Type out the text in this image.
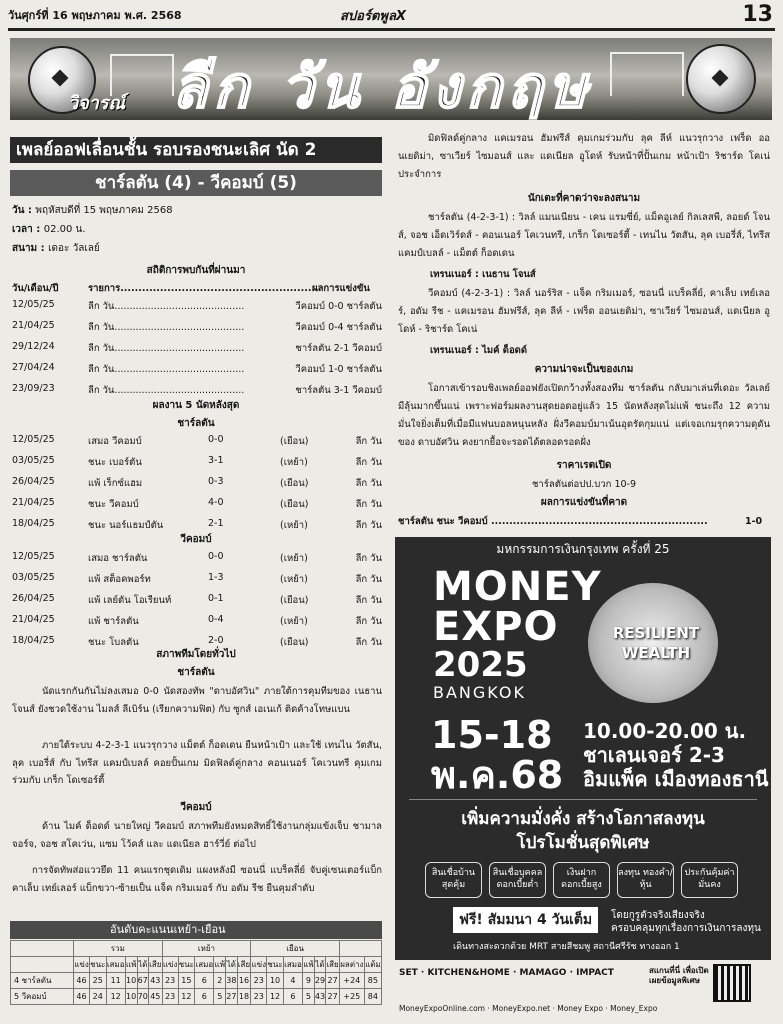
วันศุกร์ที่ 16 พฤษภาคม พ.ศ. 2568	สปอร์ตพูลX	13
วิจารณ์ ลีก วัน อังกฤษ
เพลย์ออฟเลื่อนชั้น รอบรองชนะเลิศ นัด 2
ชาร์ลตัน (4) - วีคอมบ์ (5)
วัน : พฤหัสบดีที่ 15 พฤษภาคม 2568
เวลา : 02.00 น.
สนาม : เดอะ วัลเลย์
สถิติการพบกันที่ผ่านมา
วัน/เดือน/ปี	รายการ.......................................................
ผลการแข่งขัน
12/05/25	ลีก วัน...........................................	วีคอมบ์ 0-0 ชาร์ลตัน
21/04/25	ลีก วัน...........................................	วีคอมบ์ 0-4 ชาร์ลตัน
29/12/24	ลีก วัน...........................................	ชาร์ลตัน 2-1 วีคอมบ์
27/04/24	ลีก วัน...........................................	วีคอมบ์ 1-0 ชาร์ลตัน
23/09/23	ลีก วัน...........................................	ชาร์ลตัน 3-1 วีคอมบ์
ผลงาน 5 นัดหลังสุด
ชาร์ลตัน
12/05/25	เสมอ วีคอมบ์	0-0	(เยือน)	ลีก วัน
03/05/25	ชนะ เบอร์ตัน	3-1	(เหย้า)	ลีก วัน
26/04/25	แพ้ เร็กซ์แฮม	0-3	(เยือน)	ลีก วัน
21/04/25	ชนะ วีคอมบ์	4-0	(เยือน)	ลีก วัน
18/04/25	ชนะ นอร์แธมป์ตัน	2-1	(เหย้า)	ลีก วัน
วีคอมบ์
12/05/25	เสมอ ชาร์ลตัน	0-0	(เหย้า)	ลีก วัน
03/05/25	แพ้ สต็อคพอร์ท	1-3	(เหย้า)	ลีก วัน
26/04/25	แพ้ เลย์ตัน โอเรียนท์	0-1	(เยือน)	ลีก วัน
21/04/25	แพ้ ชาร์ลตัน	0-4	(เหย้า)	ลีก วัน
18/04/25	ชนะ โบลตัน	2-0	(เยือน)	ลีก วัน
สภาพทีมโดยทั่วไป
ชาร์ลตัน
นัดแรกกันกันไม่ลงเสมอ 0-0 นัดสองทัพ "ดาบอัศวิน" ภายใต้การคุมทีมของ เนธาน โจนส์ ยังชวดใช้งาน ไมลส์ ลีเบิร์น (เรียกความฟิต) กับ ซูกส์ เอเนเก้ ติดค้างโทษแบน
ภายใต้ระบบ 4-2-3-1 แนวรุกวาง แม็ตต์ ก็อดเดน ยืนหน้าเป้า และใช้ เทนไน วัตสัน, ลุค เบอรี่ส์ กับ ไทรีส แคมป์เบลล์ คอยปั้นเกม มิดฟิลด์คู่กลาง คอนเนอร์ โคเวนทรี คุมเกมร่วมกับ เกร็ก โดเซอร์ตี้
วีคอมบ์
ด้าน ไมค์ ด็อดด์ นายใหญ่ วีคอมบ์ สภาพทีมยังหมดสิทธิ์ใช้งานกลุ่มแข้งเจ็บ ชามาล จอร์จ, จอช สโคเว่น, แซม โว้คส์ และ แดเนียล ฮาร์วี่ย์ ต่อไป
การจัดทัพส่อแววยึด 11 คนแรกชุดเดิม แผงหลังมี ซอนนี่ แบร็คลี่ย์ จับคู่เซนเตอร์แบ็ก คาเล็บ เทย์เลอร์ แบ็กขวา-ซ้ายเป็น แจ็ค กริมเมอร์ กับ อดัม รีช ยืนคุมลำดับ
อันดับคะแนนเหย้า-เยือน
	รวม						เหย้า						เยือน							
	แข่ง	ชนะ	เสมอ	แพ้	ได้	เสีย	แข่ง	ชนะ	เสมอ	แพ้	ได้	เสีย	แข่ง	ชนะ	เสมอ	แพ้	ได้	เสีย	ผลต่าง	แต้ม
4 ชาร์ลตัน	46	25	11	10	67	43	23	15	6	2	38	16	23	10	4	9	29	27	+24	85
5 วีคอมบ์	46	24	12	10	70	45	23	12	6	5	27	18	23	12	6	5	43	27	+25	84
มิดฟิลด์คู่กลาง แคเมรอน ฮัมฟรีส์ คุมเกมร่วมกับ ลุค ลีห์ แนวรุกวาง เฟร็ด ออนเยดิม่า, ซาเวียร์ ไซมอนส์ และ แดเนียล อูโดห์ รับหน้าที่ปั้นเกม หน้าเป้า ริชาร์ด โคเน่ ประจำการ
นักเตะที่คาดว่าจะลงสนาม
ชาร์ลตัน (4-2-3-1) : วิลล์ แมนเนียน - เคน แรมซี่ย์, แม็คอูเลย์ กิลเลสพี, ลอยด์ โจนส์, จอช เอ็ดเวิร์ดส์ - คอนเนอร์ โคเวนทรี, เกร็ก โดเซอร์ตี้ - เทนไน วัตสัน, ลุค เบอรี่ส์, ไทรีส แคมป์เบลล์ - แม็ตต์ ก็อดเดน
เทรนเนอร์ : เนธาน โจนส์
วีคอมบ์ (4-2-3-1) : วิลล์ นอร์ริส - แจ็ค กริมเมอร์, ซอนนี่ แบร็คลี่ย์, คาเล็บ เทย์เลอร์, อดัม รีช - แคเมรอน ฮัมฟรีส์, ลุค ลีห์ - เฟร็ด ออนเยดิม่า, ซาเวียร์ ไซมอนส์, แดเนียล อูโดห์ - ริชาร์ด โคเน่
เทรนเนอร์ : ไมค์ ด็อดด์
ความน่าจะเป็นของเกม
โอกาสเข้ารอบชิงเพลย์ออฟยังเปิดกว้างทั้งสองทีม ชาร์ลตัน กลับมาเล่นที่เดอะ วัลเลย์ มีลุ้นมากขึ้นแน่ เพราะฟอร์มผลงานสุดยอดอยู่แล้ว 15 นัดหลังสุดไม่แพ้ ชนะถึง 12 ความมั่นใจยิ่งเต็มที่เมื่อมีแฟนบอลหนุนหลัง ฝั่งวีคอมบ์มาเน้นอุดรัดกุมแน่ แต่เจอเกมรุกความดุดันของ ดาบอัศวิน คงยากยื้อจะรอดได้ตลอดรอดฝั่ง
ราคาเรตเปิด
ชาร์ลตันต่อปป.บวก 10-9
ผลการแข่งขันที่คาด
ชาร์ลตัน ชนะ วีคอมบ์ ............................................................	1-0
มหกรรมการเงินกรุงเทพ ครั้งที่ 25
MONEY
EXPO
2025
BANGKOK
RESILIENT
WEALTH
15-18
พ.ค.68
10.00-20.00 น.
ชาเลนเจอร์ 2-3
อิมแพ็ค เมืองทองธานี
เพิ่มความมั่งคั่ง สร้างโอกาสลงทุน
โปรโมชั่นสุดพิเศษ
สินเชื่อบ้าน สุดคุ้ม
สินเชื่อบุคคล ดอกเบี้ยต่ำ
เงินฝาก ดอกเบี้ยสูง
ลงทุน ทองคำ/หุ้น
ประกันคุ้มค่า มั่นคง
ฟรี! สัมมนา 4 วันเต็ม	โดยกูรูตัวจริงเสียงจริง
ครอบคลุมทุกเรื่องการเงินการลงทุน
เดินทางสะดวกด้วย MRT สายสีชมพู สถานีศรีรัช ทางออก 1
SET · KITCHEN&HOME · MAMAGO · IMPACT	สแกนที่นี่ เพื่อเปิดเผยข้อมูลพิเศษ
MoneyExpoOnline.com · MoneyExpo.net · Money Expo · Money_Expo
